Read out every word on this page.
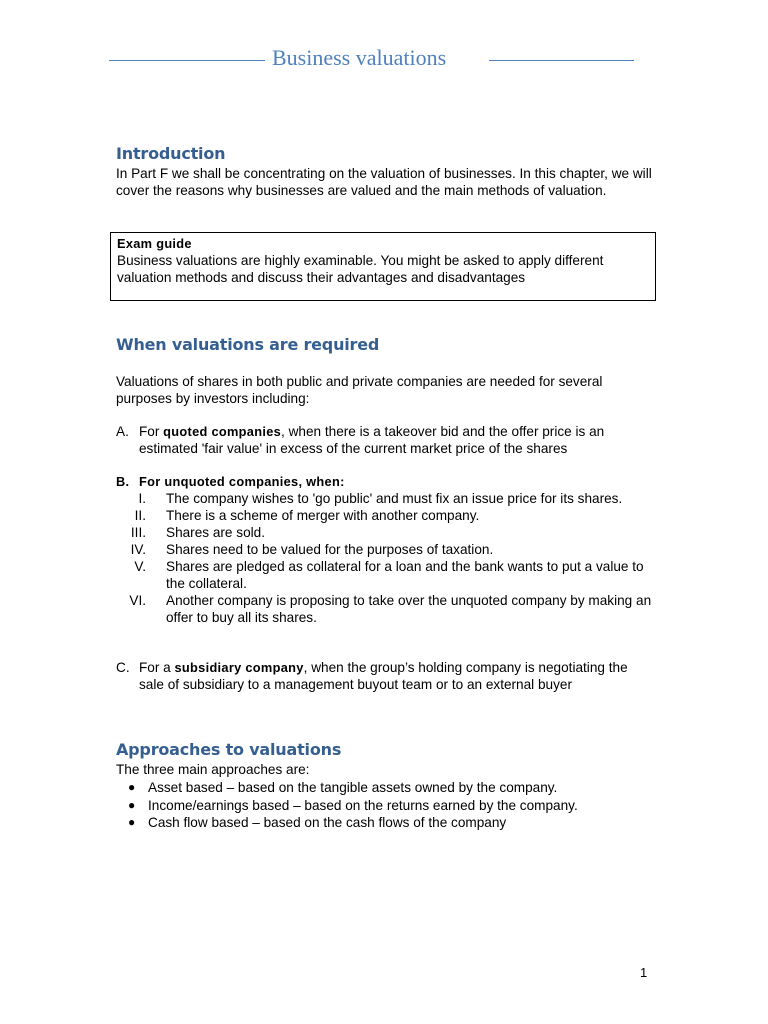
Business valuations
Introduction

In Part F we shall be concentrating on the valuation of businesses. In this chapter, we will cover the reasons why businesses are valued and the main methods of valuation.

Exam guide
Business valuations are highly examinable. You might be asked to apply different valuation methods and discuss their advantages and disadvantages
When valuations are required

Valuations of shares in both public and private companies are needed for several purposes by investors including:

A. For quoted companies, when there is a takeover bid and the offer price is an estimated 'fair value' in excess of the current market price of the shares
B. For unquoted companies, when:
I. The company wishes to 'go public' and must fix an issue price for its shares.
II. There is a scheme of merger with another company.
III. Shares are sold.
IV. Shares need to be valued for the purposes of taxation.
V. Shares are pledged as collateral for a loan and the bank wants to put a value to the collateral.
VI. Another company is proposing to take over the unquoted company by making an offer to buy all its shares.
C. For a subsidiary company, when the group’s holding company is negotiating the sale of subsidiary to a management buyout team or to an external buyer
Approaches to valuations

The three main approaches are:

● Asset based – based on the tangible assets owned by the company.
● Income/earnings based – based on the returns earned by the company.
● Cash flow based – based on the cash flows of the company
1
